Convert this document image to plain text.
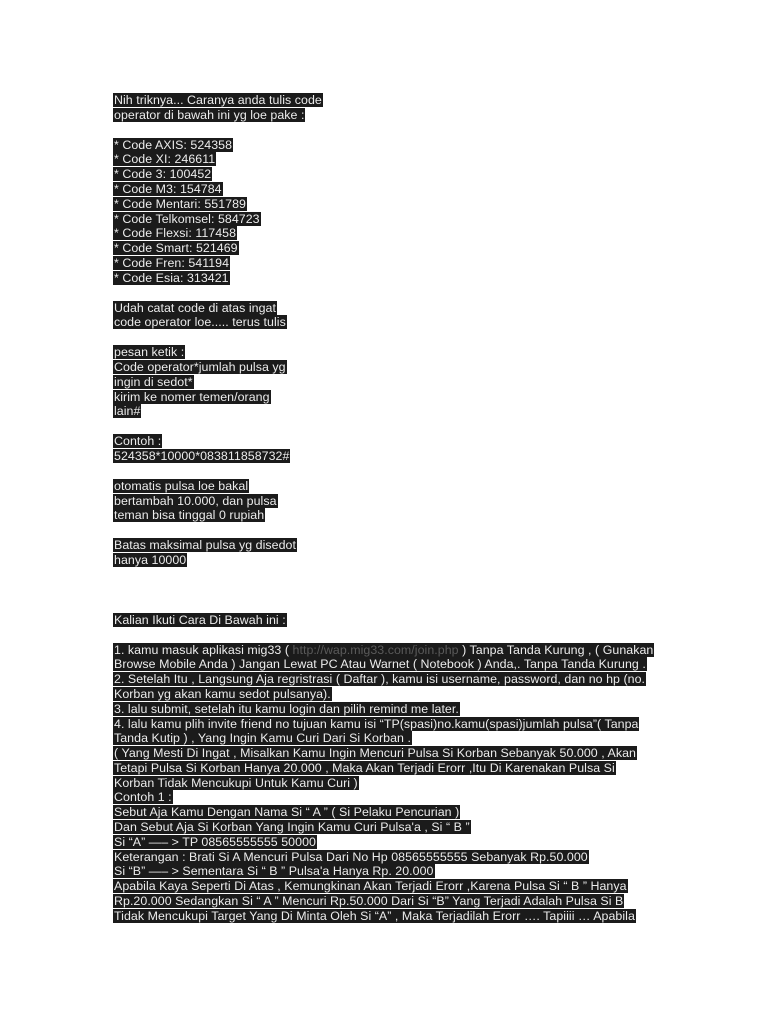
Nih triknya... Caranya anda tulis code
operator di bawah ini yg loe pake :
* Code AXIS: 524358
* Code XI: 246611
* Code 3: 100452
* Code M3: 154784
* Code Mentari: 551789
* Code Telkomsel: 584723
* Code Flexsi: 117458
* Code Smart: 521469
* Code Fren: 541194
* Code Esia: 313421
Udah catat code di atas ingat
code operator loe..... terus tulis
pesan ketik :
Code operator*jumlah pulsa yg
ingin di sedot*
kirim ke nomer temen/orang
lain#
Contoh :
524358*10000*083811858732#
otomatis pulsa loe bakal
bertambah 10.000, dan pulsa
teman bisa tinggal 0 rupiah
Batas maksimal pulsa yg disedot
hanya 10000
Kalian Ikuti Cara Di Bawah ini :
1. kamu masuk aplikasi mig33 ( http://wap.mig33.com/join.php ) Tanpa Tanda Kurung , ( Gunakan
Browse Mobile Anda ) Jangan Lewat PC Atau Warnet ( Notebook ) Anda,. Tanpa Tanda Kurung .
2. Setelah Itu , Langsung Aja regristrasi ( Daftar ), kamu isi username, password, dan no hp (no.
Korban yg akan kamu sedot pulsanya).
3. lalu submit, setelah itu kamu login dan pilih remind me later.
4. lalu kamu plih invite friend no tujuan kamu isi “TP(spasi)no.kamu(spasi)jumlah pulsa”( Tanpa
Tanda Kutip ) , Yang Ingin Kamu Curi Dari Si Korban .
( Yang Mesti Di Ingat , Misalkan Kamu Ingin Mencuri Pulsa Si Korban Sebanyak 50.000 , Akan
Tetapi Pulsa Si Korban Hanya 20.000 , Maka Akan Terjadi Erorr ,Itu Di Karenakan Pulsa Si
Korban Tidak Mencukupi Untuk Kamu Curi )
Contoh 1 :
Sebut Aja Kamu Dengan Nama Si “ A ” ( Si Pelaku Pencurian )
Dan Sebut Aja Si Korban Yang Ingin Kamu Curi Pulsa'a , Si “ B ”
Si “A” —– > TP 08565555555 50000
Keterangan : Brati Si A Mencuri Pulsa Dari No Hp 08565555555 Sebanyak Rp.50.000
Si “B” —– > Sementara Si “ B ” Pulsa'a Hanya Rp. 20.000
Apabila Kaya Seperti Di Atas , Kemungkinan Akan Terjadi Erorr ,Karena Pulsa Si “ B ” Hanya
Rp.20.000 Sedangkan Si “ A ” Mencuri Rp.50.000 Dari Si “B” Yang Terjadi Adalah Pulsa Si B
Tidak Mencukupi Target Yang Di Minta Oleh Si “A” , Maka Terjadilah Erorr …. Tapiiii … Apabila
